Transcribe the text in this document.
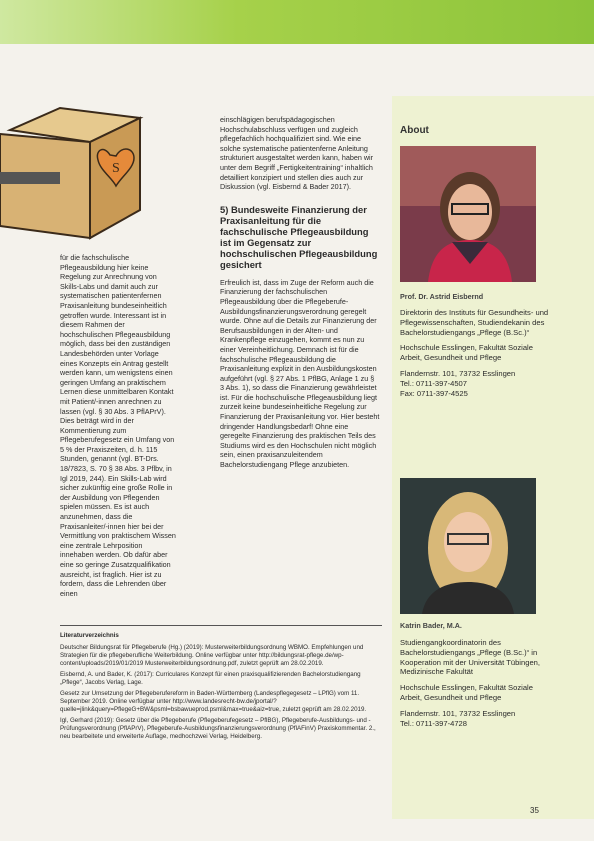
S

für die fachschulische Pflegeausbildung hier keine Regelung zur Anrechnung von Skills-Labs und damit auch zur systematischen patientenfernen Praxisanleitung bundeseinheitlich getroffen wurde. Interessant ist in diesem Rahmen der hochschulischen Pflegeausbildung möglich, dass bei den zuständigen Landesbehörden unter Vorlage eines Konzepts ein Antrag gestellt werden kann, um wenigstens einen geringen Umfang an praktischem Lernen diese unmittelbaren Kontakt mit Patient/-innen anrechnen zu lassen (vgl. § 30 Abs. 3 PflAPrV). Dies beträgt wird in der Kommentierung zum Pflegeberufegesetz ein Umfang von 5 % der Praxiszeiten, d. h. 115 Stunden, genannt (vgl. BT-Drs. 18/7823, S. 70 § 38 Abs. 3 Pflbv, in Igl 2019, 244). Ein Skills-Lab wird sicher zukünftig eine große Rolle in der Ausbildung von Pflegenden spielen müssen. Es ist auch anzunehmen, dass die Praxisanleiter/-innen hier bei der Vermittlung von praktischem Wissen eine zentrale Lehrposition innehaben werden. Ob dafür aber eine so geringe Zusatzqualifikation ausreicht, ist fraglich. Hier ist zu fordern, dass die Lehrenden über einen

einschlägigen berufspädagogischen Hochschulabschluss verfügen und zugleich pflegefachlich hochqualifiziert sind. Wie eine solche systematische patientenferne Anleitung strukturiert ausgestaltet werden kann, haben wir unter dem Begriff „Fertigkeitentraining“ inhaltlich detailliert konzipiert und stellen dies auch zur Diskussion (vgl. Eisbernd & Bader 2017).

5) Bundesweite Finanzierung der Praxisanleitung für die fachschulische Pflegeausbildung ist im Gegensatz zur hochschulischen Pflegeausbildung gesichert

Erfreulich ist, dass im Zuge der Reform auch die Finanzierung der fachschulischen Pflegeausbildung über die Pflegeberufe-Ausbildungsfinanzierungsverordnung geregelt wurde. Ohne auf die Details zur Finanzierung der Berufsausbildungen in der Alten- und Krankenpflege einzugehen, kommt es nun zu einer Vereinheitlichung. Demnach ist für die fachschulische Pflegeausbildung die Praxisanleitung explizit in den Ausbildungskosten aufgeführt (vgl. § 27 Abs. 1 PflBG, Anlage 1 zu § 3 Abs. 1), so dass die Finanzierung gewährleistet ist. Für die hochschulische Pflegeausbildung liegt zurzeit keine bundeseinheitliche Regelung zur Finanzierung der Praxisanleitung vor. Hier besteht dringender Handlungsbedarf! Ohne eine geregelte Finanzierung des praktischen Teils des Studiums wird es den Hochschulen nicht möglich sein, einen praxisanzuleitendem Bachelorstudiengang Pflege anzubieten.

About
Prof. Dr. Astrid Eisbernd

Direktorin des Instituts für Gesundheits- und Pflegewissenschaften, Studiendekanin des Bachelorstudiengangs „Pflege (B.Sc.)“

Hochschule Esslingen, Fakultät Soziale Arbeit, Gesundheit und Pflege

Flandernstr. 101, 73732 Esslingen

Tel.: 0711-397-4507

Fax: 0711-397-4525

Katrin Bader, M.A.

Studiengangkoordinatorin des Bachelorstudiengangs „Pflege (B.Sc.)“ in Kooperation mit der Universität Tübingen, Medizinische Fakultät

Hochschule Esslingen, Fakultät Soziale Arbeit, Gesundheit und Pflege

Flandernstr. 101, 73732 Esslingen

Tel.: 0711-397-4728

Literaturverzeichnis

Deutscher Bildungsrat für Pflegeberufe (Hg.) (2019): Musterweiterbildungsordnung WBMO. Empfehlungen und Strategien für die pflegeberufliche Weiterbildung. Online verfügbar unter http://bildungsrat-pflege.de/wp-content/uploads/2019/01/2019 Musterweiterbildungsordnung.pdf, zuletzt geprüft am 28.02.2019.

Eisbernd, A. und Bader, K. (2017): Curriculares Konzept für einen praxisqualifizierenden Bachelorstudiengang „Pflege“, Jacobs Verlag, Lage.

Gesetz zur Umsetzung der Pflegeberufereform in Baden-Württemberg (Landespflegegesetz – LPflG) vom 11. September 2019. Online verfügbar unter http://www.landesrecht-bw.de/jportal/?quelle=jlink&query=PflegeG+BW&psml=bsbawueprod.psml&max=true&aiz=true, zuletzt geprüft am 28.02.2019.

Igl, Gerhard (2019): Gesetz über die Pflegeberufe (Pflegeberufegesetz – PflBG), Pflegeberufe-Ausbildungs- und -Prüfungsverordnung (PflAPrV), Pflegeberufe-Ausbildungsfinanzierungsverordnung (PflAFinV) Praxiskommentar. 2., neu bearbeitete und erweiterte Auflage, medhochzwei Verlag, Heidelberg.

35
